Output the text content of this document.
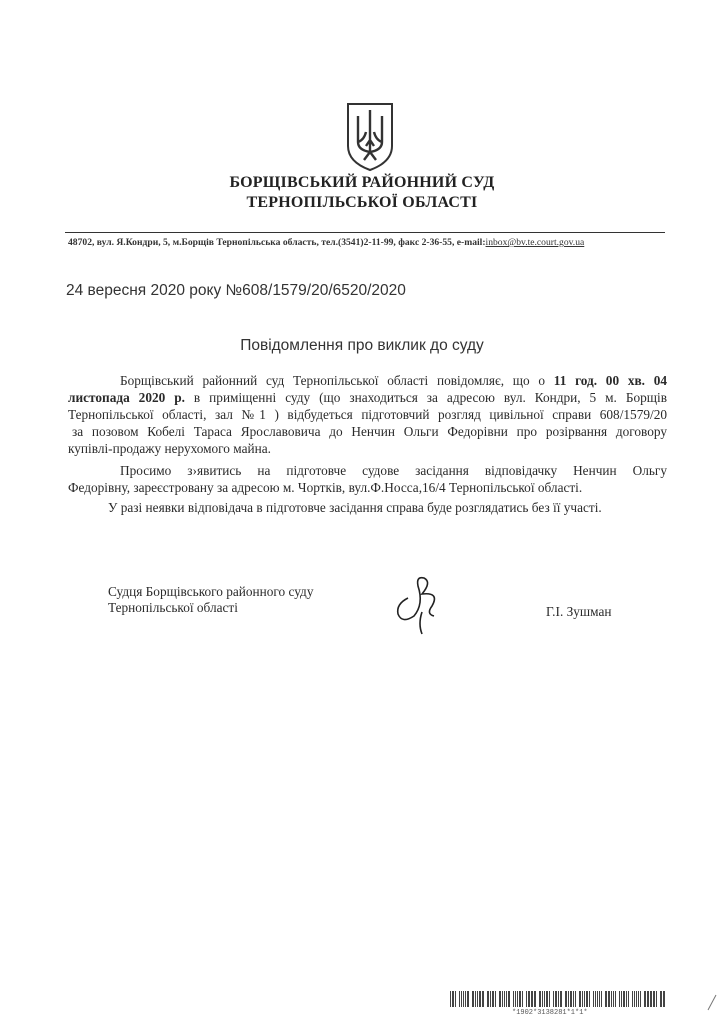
БОРЩІВСЬКИЙ РАЙОННИЙ СУД
ТЕРНОПІЛЬСЬКОЇ ОБЛАСТІ
48702, вул. Я.Кондри, 5, м.Борщів Тернопільська область, тел.(3541)2-11-99, факс 2-36-55, e-mail:inbox@bv.te.court.gov.ua
24 вересня 2020 року №608/1579/20/6520/2020
Повідомлення про виклик до суду
Борщівський районний суд Тернопільської області повідомляє, що о 11 год. 00 хв. 04
листопада 2020 р. в приміщенні суду (що знаходиться за адресою вул. Кондри, 5 м. Борщів
Тернопільської області, зал №1 ) відбудеться підготовчий розгляд цивільної справи 608/1579/20
за позовом Кобелі Тараса Ярославовича до Ненчин Ольги Федорівни про розірвання договору
купівлі-продажу нерухомого майна.
Просимо з›явитись на підготовче судове засідання відповідачку Ненчин Ольгу
Федорівну, зареєстровану за адресою м. Чортків, вул.Ф.Носса,16/4 Тернопільської області.
У разі неявки відповідача в підготовче засідання справа буде розглядатись без її участі.
Судця Борщівського районного суду
Тернопільської області	Г.І. Зушман
*1902*3138281*1*1*
